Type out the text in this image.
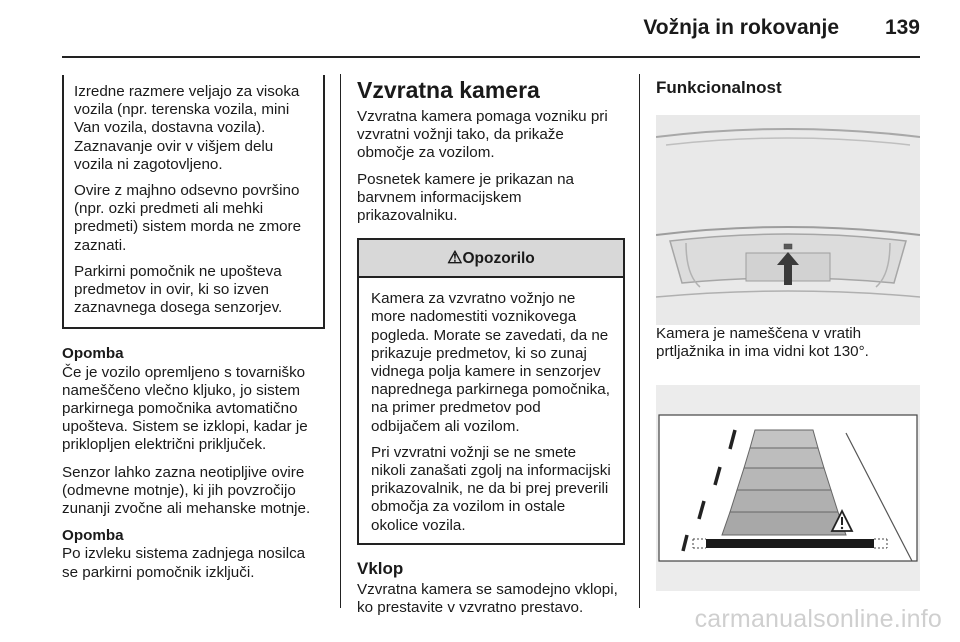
Vožnja in rokovanje 139

Izredne razmere veljajo za visoka vozila (npr. terenska vozila, mini Van vozila, dostavna vozila). Zaznavanje ovir v višjem delu vozila ni zagotovljeno.

Ovire z majhno odsevno površino (npr. ozki predmeti ali mehki predmeti) sistem morda ne zmore zaznati.

Parkirni pomočnik ne upošteva predmetov in ovir, ki so izven zaznavnega dosega senzorjev.

Opomba

Če je vozilo opremljeno s tovarniško nameščeno vlečno kljuko, jo sistem parkirnega pomočnika avtomatično upošteva. Sistem se izklopi, kadar je priklopljen električni priključek.

Senzor lahko zazna neotipljive ovire (odmevne motnje), ki jih povzročijo zunanji zvočne ali mehanske motnje.

Opomba

Po izvleku sistema zadnjega nosilca se parkirni pomočnik izključi.

Vzvratna kamera

Vzvratna kamera pomaga vozniku pri vzvratni vožnji tako, da prikaže območje za vozilom.

Posnetek kamere je prikazan na barvnem informacijskem prikazovalniku.

⚠Opozorilo

Kamera za vzvratno vožnjo ne more nadomestiti voznikovega pogleda. Morate se zavedati, da ne prikazuje predmetov, ki so zunaj vidnega polja kamere in senzorjev naprednega parkirnega pomočnika, na primer predmetov pod odbijačem ali vozilom.

Pri vzvratni vožnji se ne smete nikoli zanašati zgolj na informacijski prikazovalnik, ne da bi prej preverili območja za vozilom in ostale okolice vozila.

Vklop

Vzvratna kamera se samodejno vklopi, ko prestavite v vzvratno prestavo.

Funkcionalnost

Kamera je nameščena v vratih prtljažnika in ima vidni kot 130°.

carmanualsonline.info
